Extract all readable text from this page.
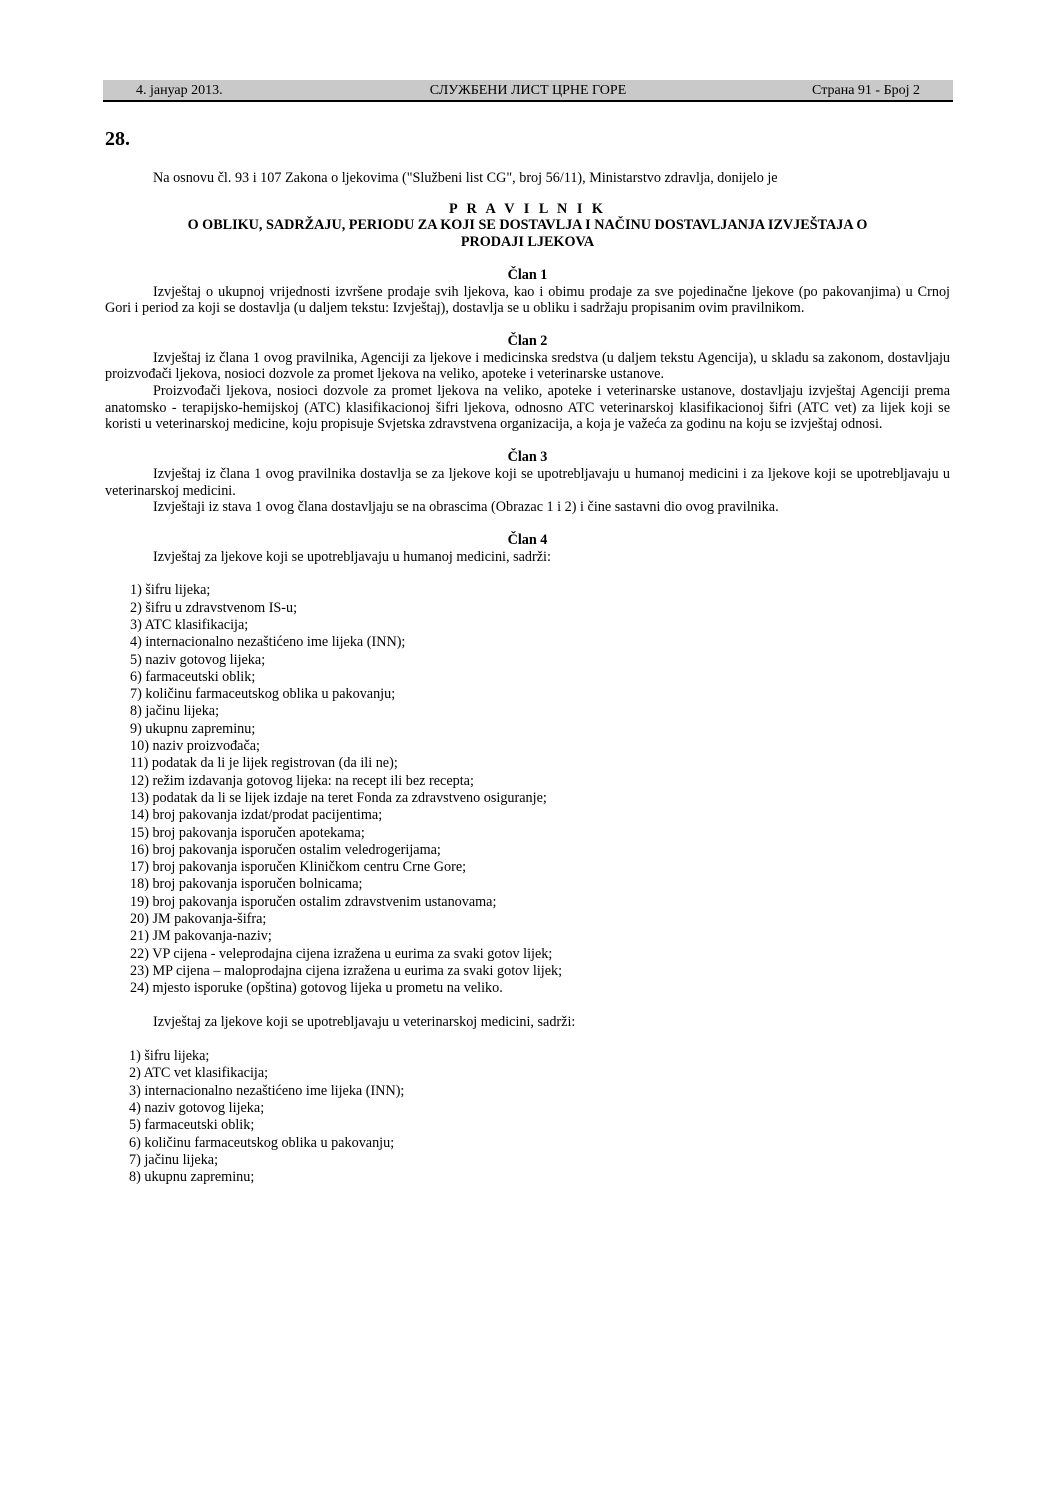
4. јануар 2013.	СЛУЖБЕНИ ЛИСТ ЦРНЕ ГОРЕ	Страна 91 - Број 2
28.

Na osnovu čl. 93 i 107 Zakona o ljekovima ("Službeni list CG", broj 56/11), Ministarstvo zdravlja, donijelo je

P R A V I L N I K
O OBLIKU, SADRŽAJU, PERIODU ZA KOJI SE DOSTAVLJA I NAČINU DOSTAVLJANJA IZVJEŠTAJA O
PRODAJI LJEKOVA
Član 1

Izvještaj o ukupnoj vrijednosti izvršene prodaje svih ljekova, kao i obimu prodaje za sve pojedinačne ljekove (po pakovanjima) u Crnoj Gori i period za koji se dostavlja (u daljem tekstu: Izvještaj), dostavlja se u obliku i sadržaju propisanim ovim pravilnikom.

Član 2

Izvještaj iz člana 1 ovog pravilnika, Agenciji za ljekove i medicinska sredstva (u daljem tekstu Agencija), u skladu sa zakonom, dostavljaju proizvođači ljekova, nosioci dozvole za promet ljekova na veliko, apoteke i veterinarske ustanove.

Proizvođači ljekova, nosioci dozvole za promet ljekova na veliko, apoteke i veterinarske ustanove, dostavljaju izvještaj Agenciji prema anatomsko - terapijsko-hemijskoj (ATC) klasifikacionoj šifri ljekova, odnosno ATC veterinarskoj klasifikacionoj šifri (ATC vet) za lijek koji se koristi u veterinarskoj medicine, koju propisuje Svjetska zdravstvena organizacija, a koja je važeća za godinu na koju se izvještaj odnosi.

Član 3

Izvještaj iz člana 1 ovog pravilnika dostavlja se za ljekove koji se upotrebljavaju u humanoj medicini i za ljekove koji se upotrebljavaju u veterinarskoj medicini.

Izvještaji iz stava 1 ovog člana dostavljaju se na obrascima (Obrazac 1 i 2) i čine sastavni dio ovog pravilnika.

Član 4

Izvještaj za ljekove koji se upotrebljavaju u humanoj medicini, sadrži:

1) šifru lijeka;
2) šifru u zdravstvenom IS-u;
3) ATC klasifikacija;
4) internacionalno nezaštićeno ime lijeka (INN);
5) naziv gotovog lijeka;
6) farmaceutski oblik;
7) količinu farmaceutskog oblika u pakovanju;
8) jačinu lijeka;
9) ukupnu zapreminu;
10) naziv proizvođača;
11) podatak da li je lijek registrovan (da ili ne);
12) režim izdavanja gotovog lijeka: na recept ili bez recepta;
13) podatak da li se lijek izdaje na teret Fonda za zdravstveno osiguranje;
14) broj pakovanja izdat/prodat pacijentima;
15) broj pakovanja isporučen apotekama;
16) broj pakovanja isporučen ostalim veledrogerijama;
17) broj pakovanja isporučen Kliničkom centru Crne Gore;
18) broj pakovanja isporučen bolnicama;
19) broj pakovanja isporučen ostalim zdravstvenim ustanovama;
20) JM pakovanja-šifra;
21) JM pakovanja-naziv;
22) VP cijena - veleprodajna cijena izražena u eurima za svaki gotov lijek;
23) MP cijena – maloprodajna cijena izražena u eurima za svaki gotov lijek;
24) mjesto isporuke (opština) gotovog lijeka u prometu na veliko.

Izvještaj za ljekove koji se upotrebljavaju u veterinarskoj medicini, sadrži:

1) šifru lijeka;
2) ATC vet klasifikacija;
3) internacionalno nezaštićeno ime lijeka (INN);
4) naziv gotovog lijeka;
5) farmaceutski oblik;
6) količinu farmaceutskog oblika u pakovanju;
7) jačinu lijeka;
8) ukupnu zapreminu;
